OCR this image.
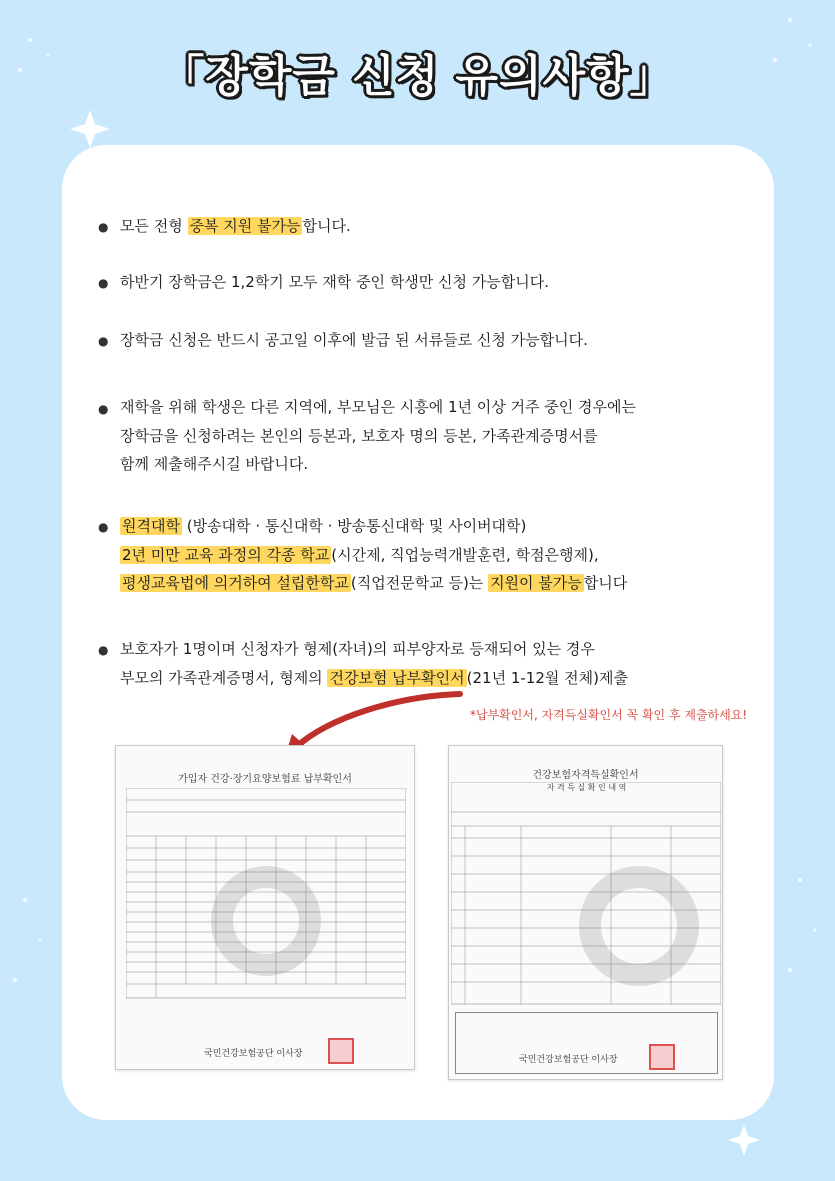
「장학금 신청 유의사항」
●
●
●
●
●
●
모든 전형 중복 지원 불가능 합니다.
하반기 장학금은 1,2학기 모두 재학 중인 학생만 신청 가능합니다.
장학금 신청은 반드시 공고일 이후에 발급 된 서류들로 신청 가능합니다.
재학을 위해 학생은 다른 지역에, 부모님은 시흥에 1년 이상 거주 중인 경우에는
장학금을 신청하려는 본인의 등본과, 보호자 명의 등본, 가족관계증명서를
함께 제출해주시길 바랍니다.
원격대학 (방송대학 · 통신대학 · 방송통신대학 및 사이버대학)
2년 미만 교육 과정의 각종 학교 (시간제, 직업능력개발훈련, 학점은행제),
평생교육법에 의거하여 설립한학교 (직업전문학교 등)는 지원이 불가능 합니다
보호자가 1명이며 신청자가 형제(자녀)의 피부양자로 등재되어 있는 경우
부모의 가족관계증명서, 형제의 건강보험 납부확인서 (21년 1-12월 전체)제출
*납부확인서, 자격득실확인서 꼭 확인 후 제출하세요!
가입자 건강·장기요양보험료 납부확인서
국민건강보험공단 이사장
건강보험자격득실확인서
자 격 득 실 확 인 내 역
국민건강보험공단 이사장
